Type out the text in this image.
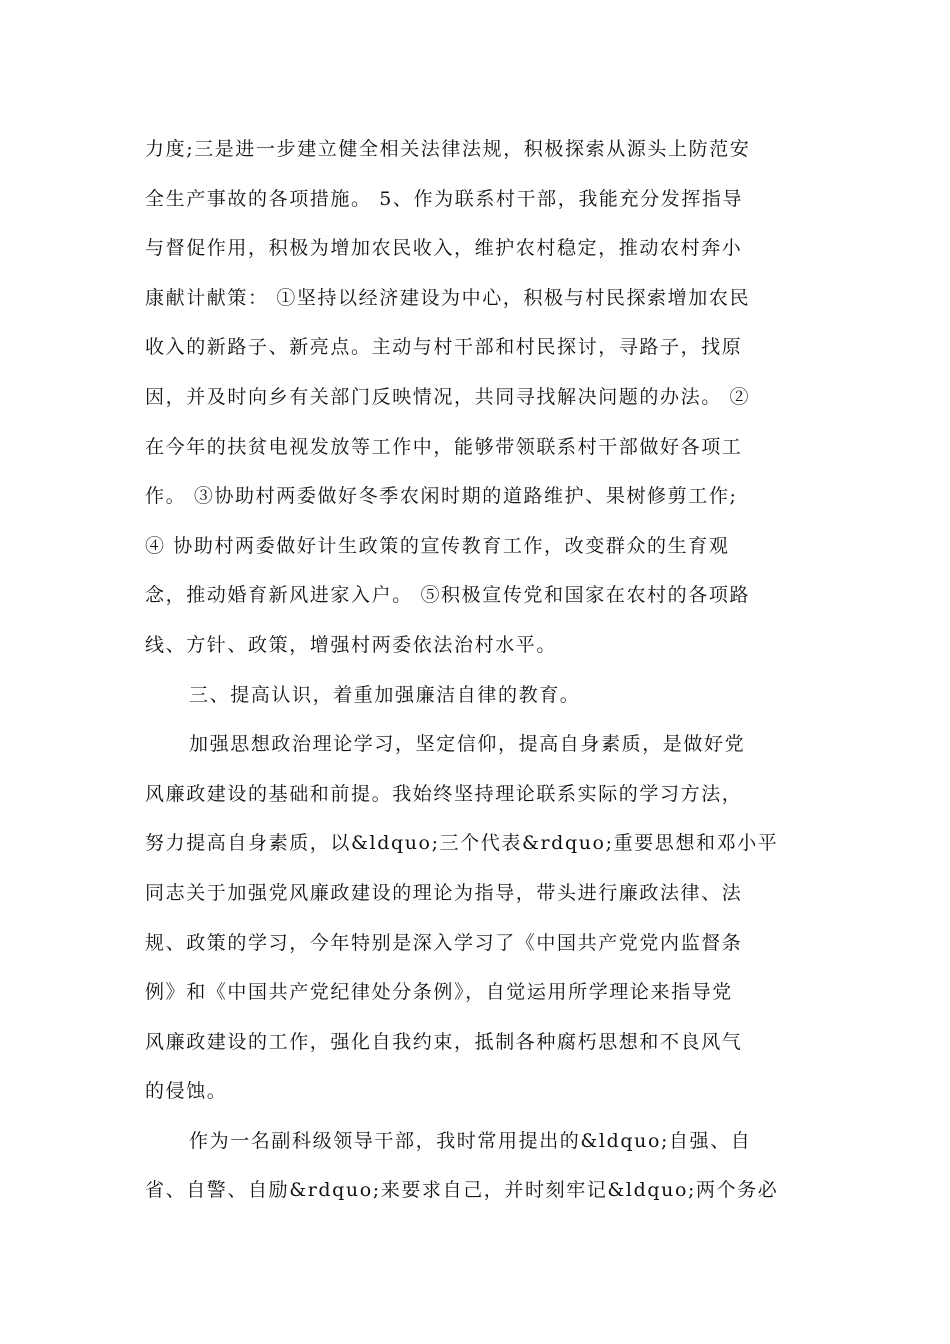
力度;三是进一步建立健全相关法律法规，积极探索从源头上防范安
全生产事故的各项措施。 5、作为联系村干部，我能充分发挥指导
与督促作用，积极为增加农民收入，维护农村稳定，推动农村奔小
康献计献策： ①坚持以经济建设为中心，积极与村民探索增加农民
收入的新路子、新亮点。主动与村干部和村民探讨，寻路子，找原
因，并及时向乡有关部门反映情况，共同寻找解决问题的办法。 ②
在今年的扶贫电视发放等工作中，能够带领联系村干部做好各项工
作。 ③协助村两委做好冬季农闲时期的道路维护、果树修剪工作;
④ 协助村两委做好计生政策的宣传教育工作，改变群众的生育观
念，推动婚育新风进家入户。 ⑤积极宣传党和国家在农村的各项路
线、方针、政策，增强村两委依法治村水平。
三、提高认识，着重加强廉洁自律的教育。
加强思想政治理论学习，坚定信仰，提高自身素质，是做好党
风廉政建设的基础和前提。我始终坚持理论联系实际的学习方法，
努力提高自身素质，以&ldquo;三个代表&rdquo;重要思想和邓小平
同志关于加强党风廉政建设的理论为指导，带头进行廉政法律、法
规、政策的学习，今年特别是深入学习了《中国共产党党内监督条
例》和《中国共产党纪律处分条例》，自觉运用所学理论来指导党
风廉政建设的工作，强化自我约束，抵制各种腐朽思想和不良风气
的侵蚀。
作为一名副科级领导干部，我时常用提出的&ldquo;自强、自
省、自警、自励&rdquo;来要求自己，并时刻牢记&ldquo;两个务必
